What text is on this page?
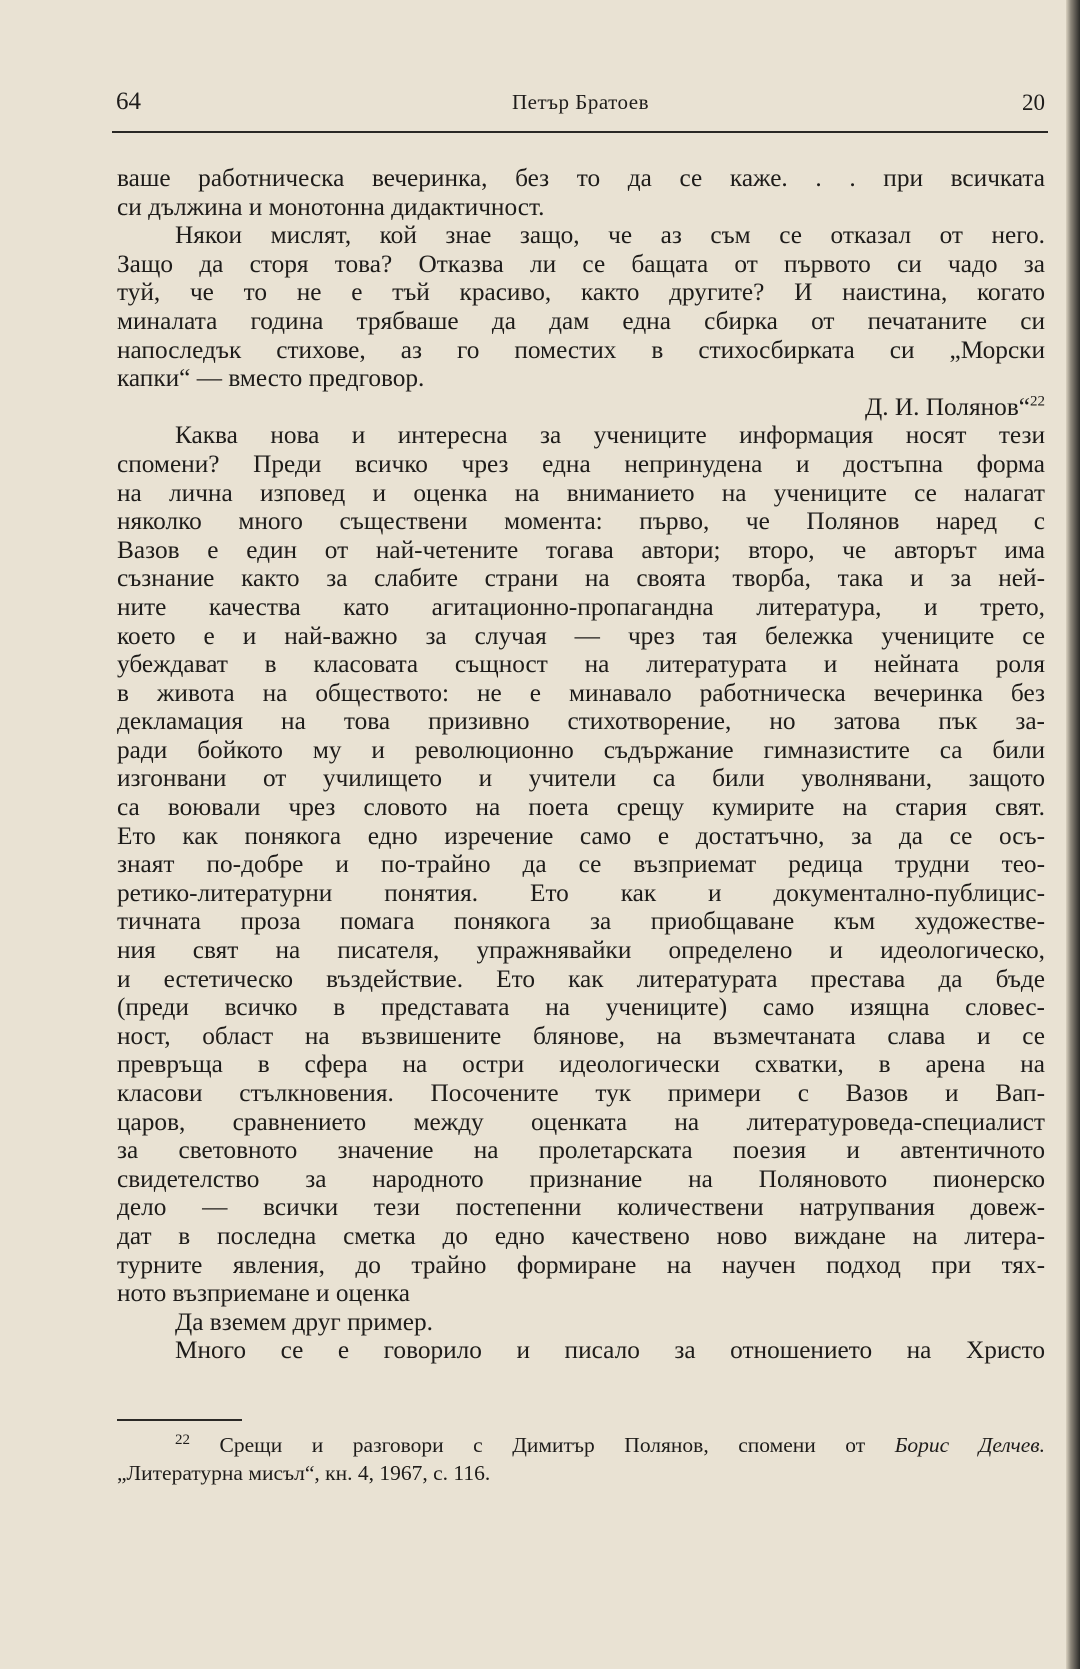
64	Петър Братоев	20
ваше работническа вечеринка, без то да се каже. . . при всичката
си дължина и монотонна дидактичност.
Някои мислят, кой знае защо, че аз съм се отказал от него.
Защо да сторя това? Отказва ли се бащата от първото си чадо за
туй, че то не е тъй красиво, както другите? И наистина, когато
миналата година трябваше да дам една сбирка от печатаните си
напоследък стихове, аз го поместих в стихосбирката си „Морски
капки“ — вместо предговор.
Д. И. Полянов“$^{22}$
Каква нова и интересна за учениците информация носят тези
спомени? Преди всичко чрез една непринудена и достъпна форма
на лична изповед и оценка на вниманието на учениците се налагат
няколко много съществени момента: първо, че Полянов наред с
Вазов е един от най-четените тогава автори; второ, че авторът има
съзнание както за слабите страни на своята творба, така и за ней-
ните качества като агитационно-пропагандна литература, и трето,
което е и най-важно за случая — чрез тая бележка учениците се
убеждават в класовата същност на литературата и нейната роля
в живота на обществото: не е минавало работническа вечеринка без
декламация на това призивно стихотворение, но затова пък за-
ради бойкото му и революционно съдържание гимназистите са били
изгонвани от училището и учители са били уволнявани, защото
са воювали чрез словото на поета срещу кумирите на стария свят.
Ето как понякога едно изречение само е достатъчно, за да се осъ-
знаят по-добре и по-трайно да се възприемат редица трудни тео-
ретико-литературни понятия. Ето как и документално-публицис-
тичната проза помага понякога за приобщаване към художестве-
ния свят на писателя, упражнявайки определено и идеологическо,
и естетическо въздействие. Ето как литературата престава да бъде
(преди всичко в представата на учениците) само изящна словес-
ност, област на възвишените блянове, на възмечтаната слава и се
превръща в сфера на остри идеологически схватки, в арена на
класови стълкновения. Посочените тук примери с Вазов и Вап-
царов, сравнението между оценката на литературоведа-специалист
за световното значение на пролетарската поезия и автентичното
свидетелство за народното признание на Поляновото пионерско
дело — всички тези постепенни количествени натрупвания довеж-
дат в последна сметка до едно качествено ново виждане на литера-
турните явления, до трайно формиране на научен подход при тях-
ното възприемане и оценка
Да вземем друг пример.
Много се е говорило и писало за отношението на Христо
$^{22}$ Срещи и разговори с Димитър Полянов, спомени от Борис Делчев.
„Литературна мисъл“, кн. 4, 1967, с. 116.
